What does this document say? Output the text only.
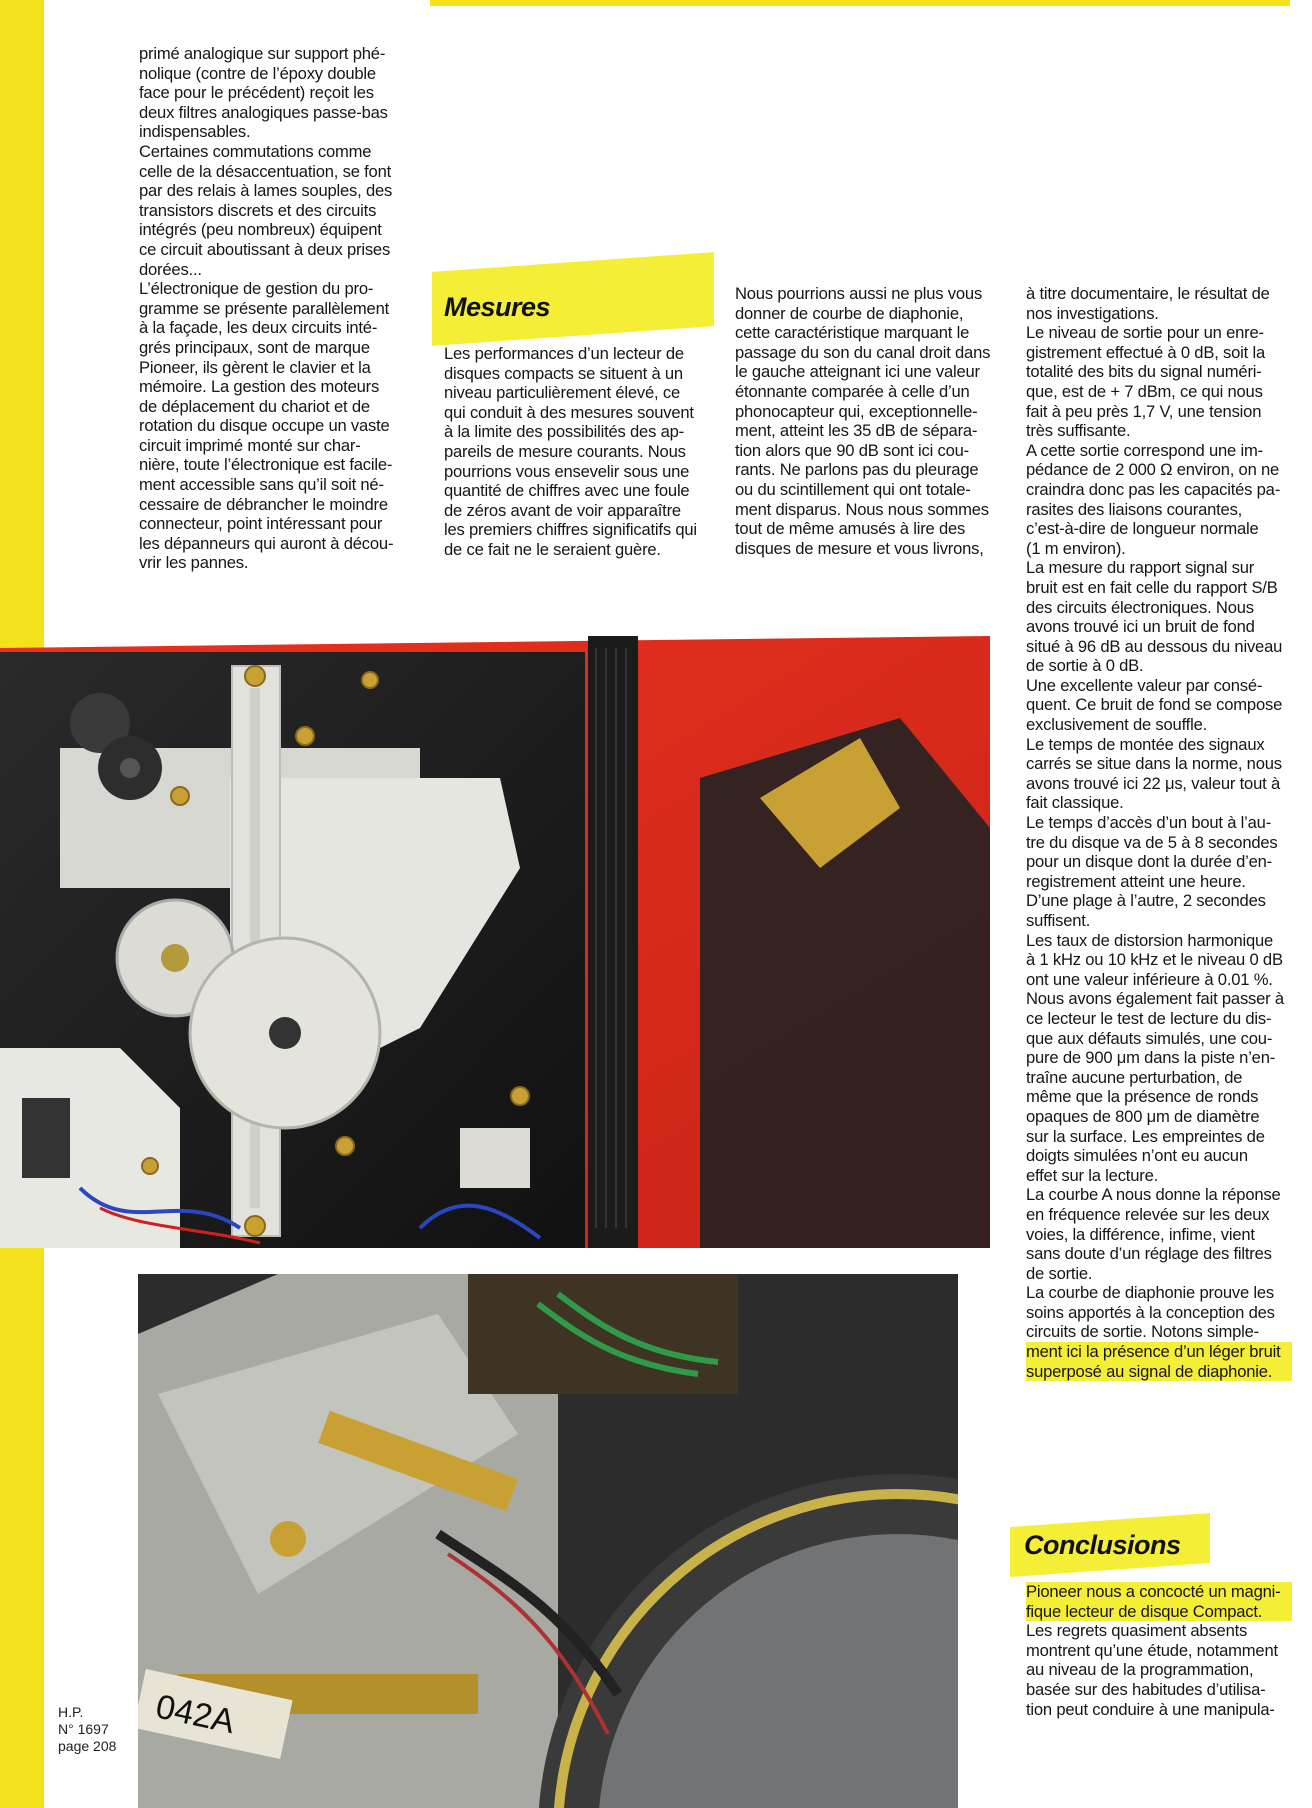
Mesures
Conclusions

primé analogique sur support phé-

nolique (contre de l’époxy double

face pour le précédent) reçoit les

deux filtres analogiques passe-bas

indispensables.

Certaines commutations comme

celle de la désaccentuation, se font

par des relais à lames souples, des

transistors discrets et des circuits

intégrés (peu nombreux) équipent

ce circuit aboutissant à deux prises

dorées...

L’électronique de gestion du pro-

gramme se présente parallèlement

à la façade, les deux circuits inté-

grés principaux, sont de marque

Pioneer, ils gèrent le clavier et la

mémoire. La gestion des moteurs

de déplacement du chariot et de

rotation du disque occupe un vaste

circuit imprimé monté sur char-

nière, toute l’électronique est facile-

ment accessible sans qu’il soit né-

cessaire de débrancher le moindre

connecteur, point intéressant pour

les dépanneurs qui auront à décou-

vrir les pannes.

Les performances d’un lecteur de

disques compacts se situent à un

niveau particulièrement élevé, ce

qui conduit à des mesures souvent

à la limite des possibilités des ap-

pareils de mesure courants. Nous

pourrions vous ensevelir sous une

quantité de chiffres avec une foule

de zéros avant de voir apparaître

les premiers chiffres significatifs qui

de ce fait ne le seraient guère.

Nous pourrions aussi ne plus vous

donner de courbe de diaphonie,

cette caractéristique marquant le

passage du son du canal droit dans

le gauche atteignant ici une valeur

étonnante comparée à celle d’un

phonocapteur qui, exceptionnelle-

ment, atteint les 35 dB de sépara-

tion alors que 90 dB sont ici cou-

rants. Ne parlons pas du pleurage

ou du scintillement qui ont totale-

ment disparus. Nous nous sommes

tout de même amusés à lire des

disques de mesure et vous livrons,

à titre documentaire, le résultat de

nos investigations.

Le niveau de sortie pour un enre-

gistrement effectué à 0 dB, soit la

totalité des bits du signal numéri-

que, est de + 7 dBm, ce qui nous

fait à peu près 1,7 V, une tension

très suffisante.

A cette sortie correspond une im-

pédance de 2 000 Ω environ, on ne

craindra donc pas les capacités pa-

rasites des liaisons courantes,

c’est-à-dire de longueur normale

(1 m environ).

La mesure du rapport signal sur

bruit est en fait celle du rapport S/B

des circuits électroniques. Nous

avons trouvé ici un bruit de fond

situé à 96 dB au dessous du niveau

de sortie à 0 dB.

Une excellente valeur par consé-

quent. Ce bruit de fond se compose

exclusivement de souffle.

Le temps de montée des signaux

carrés se situe dans la norme, nous

avons trouvé ici 22 μs, valeur tout à

fait classique.

Le temps d’accès d’un bout à l’au-

tre du disque va de 5 à 8 secondes

pour un disque dont la durée d’en-

registrement atteint une heure.

D’une plage à l’autre, 2 secondes

suffisent.

Les taux de distorsion harmonique

à 1 kHz ou 10 kHz et le niveau 0 dB

ont une valeur inférieure à 0.01 %.

Nous avons également fait passer à

ce lecteur le test de lecture du dis-

que aux défauts simulés, une cou-

pure de 900 μm dans la piste n’en-

traîne aucune perturbation, de

même que la présence de ronds

opaques de 800 μm de diamètre

sur la surface. Les empreintes de

doigts simulées n’ont eu aucun

effet sur la lecture.

La courbe A nous donne la réponse

en fréquence relevée sur les deux

voies, la différence, infime, vient

sans doute d’un réglage des filtres

de sortie.

La courbe de diaphonie prouve les

soins apportés à la conception des

circuits de sortie. Notons simple-

ment ici la présence d’un léger bruit

superposé au signal de diaphonie.

Pioneer nous a concocté un magni-

fique lecteur de disque Compact.

Les regrets quasiment absents

montrent qu’une étude, notamment

au niveau de la programmation,

basée sur des habitudes d’utilisa-

tion peut conduire à une manipula-

042A
H.P.
N° 1697
page 208
